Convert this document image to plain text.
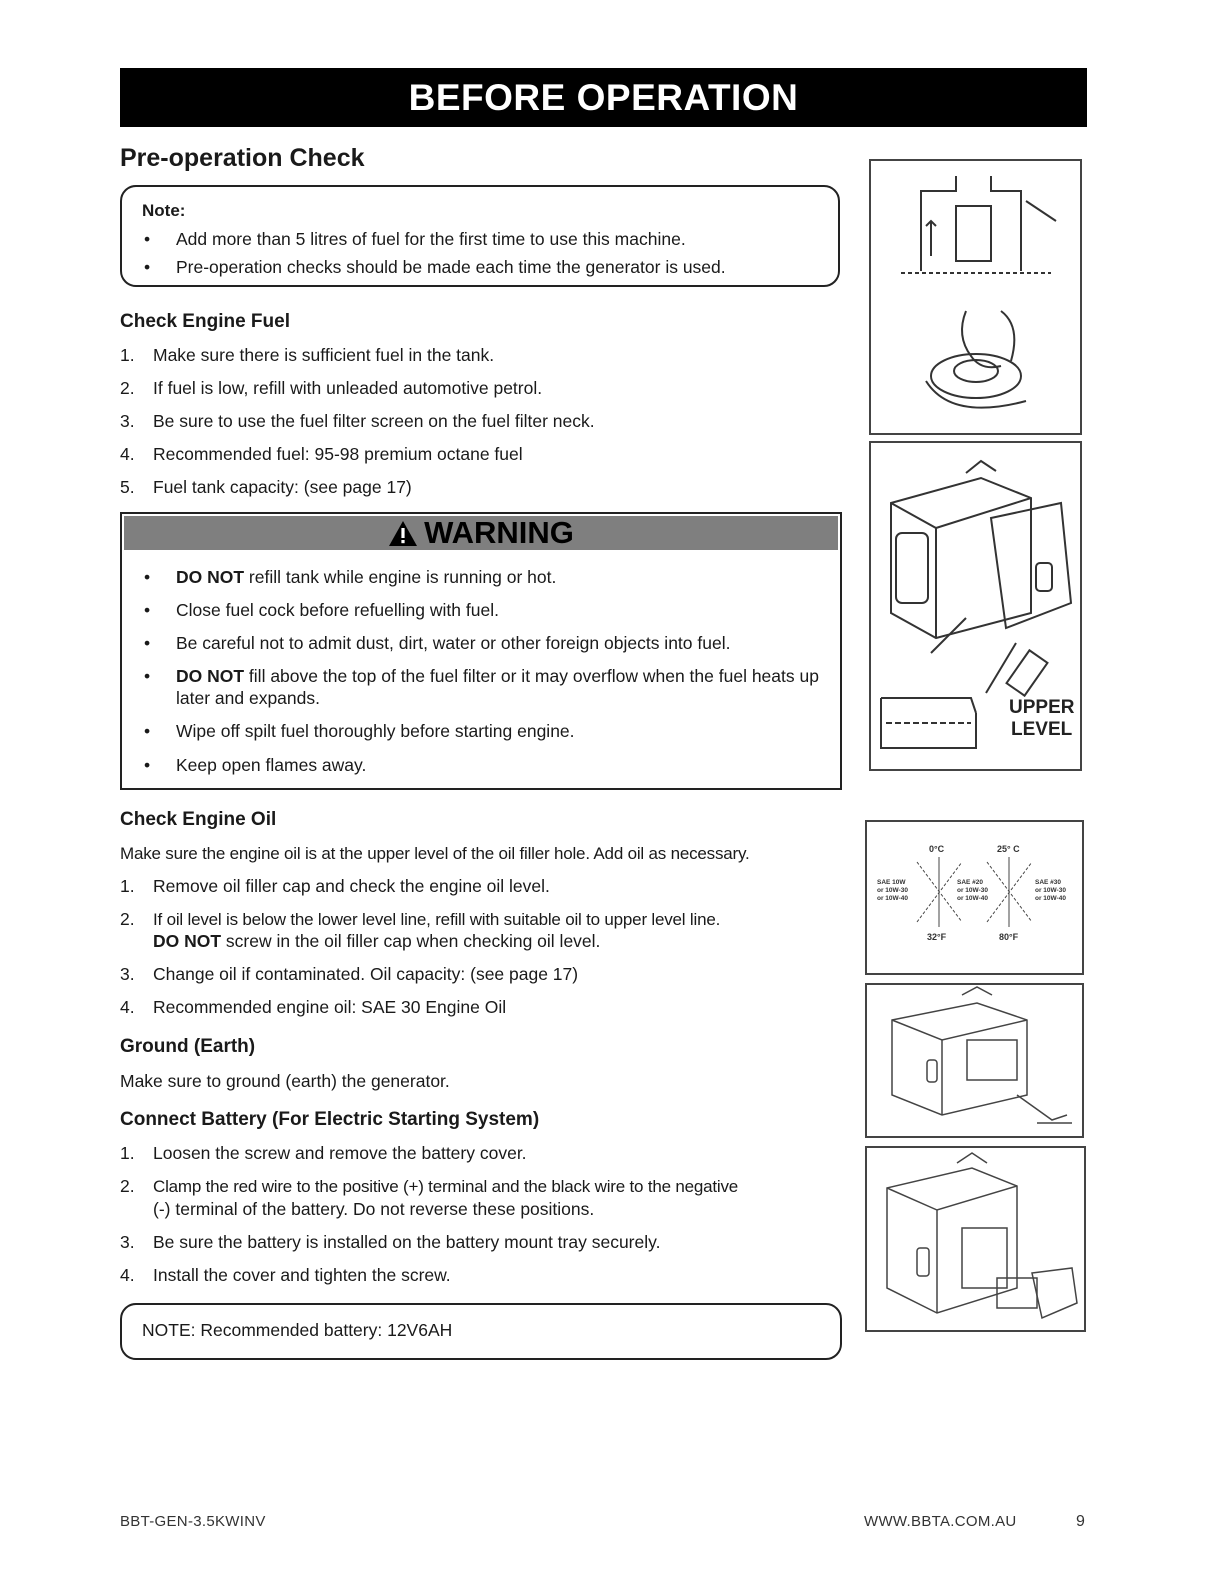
BEFORE OPERATION
Pre-operation Check
Note:
• Add more than 5 litres of fuel for the first time to use this machine.
• Pre-operation checks should be made each time the generator is used.
Check Engine Fuel
1. Make sure there is sufficient fuel in the tank.
2. If fuel is low, refill with unleaded automotive petrol.
3. Be sure to use the fuel filter screen on the fuel filter neck.
4. Recommended fuel: 95-98 premium octane fuel
5. Fuel tank capacity: (see page 17)
WARNING
• DO NOT refill tank while engine is running or hot.
• Close fuel cock before refuelling with fuel.
• Be careful not to admit dust, dirt, water or other foreign objects into fuel.
• DO NOT fill above the top of the fuel filter or it may overflow when the fuel heats up later and expands.
• Wipe off spilt fuel thoroughly before starting engine.
• Keep open flames away.
Check Engine Oil
Make sure the engine oil is at the upper level of the oil filler hole. Add oil as necessary.
1. Remove oil filler cap and check the engine oil level.
2. If oil level is below the lower level line, refill with suitable oil to upper level line.
DO NOT screw in the oil filler cap when checking oil level.
3. Change oil if contaminated. Oil capacity: (see page 17)
4. Recommended engine oil: SAE 30 Engine Oil
Ground (Earth)
Make sure to ground (earth) the generator.
Connect Battery (For Electric Starting System)
1. Loosen the screw and remove the battery cover.
2. Clamp the red wire to the positive (+) terminal and the black wire to the negative
(-) terminal of the battery. Do not reverse these positions.
3. Be sure the battery is installed on the battery mount tray securely.
4. Install the cover and tighten the screw.
NOTE: Recommended battery: 12V6AH
UPPER
LEVEL
0°C	25° C
32°F	80°F
SAE 10W
or 10W-30
or 10W-40
SAE #20
or 10W-30
or 10W-40
SAE #30
or 10W-30
or 10W-40
BBT-GEN-3.5KWINV	WWW.BBTA.COM.AU	9
